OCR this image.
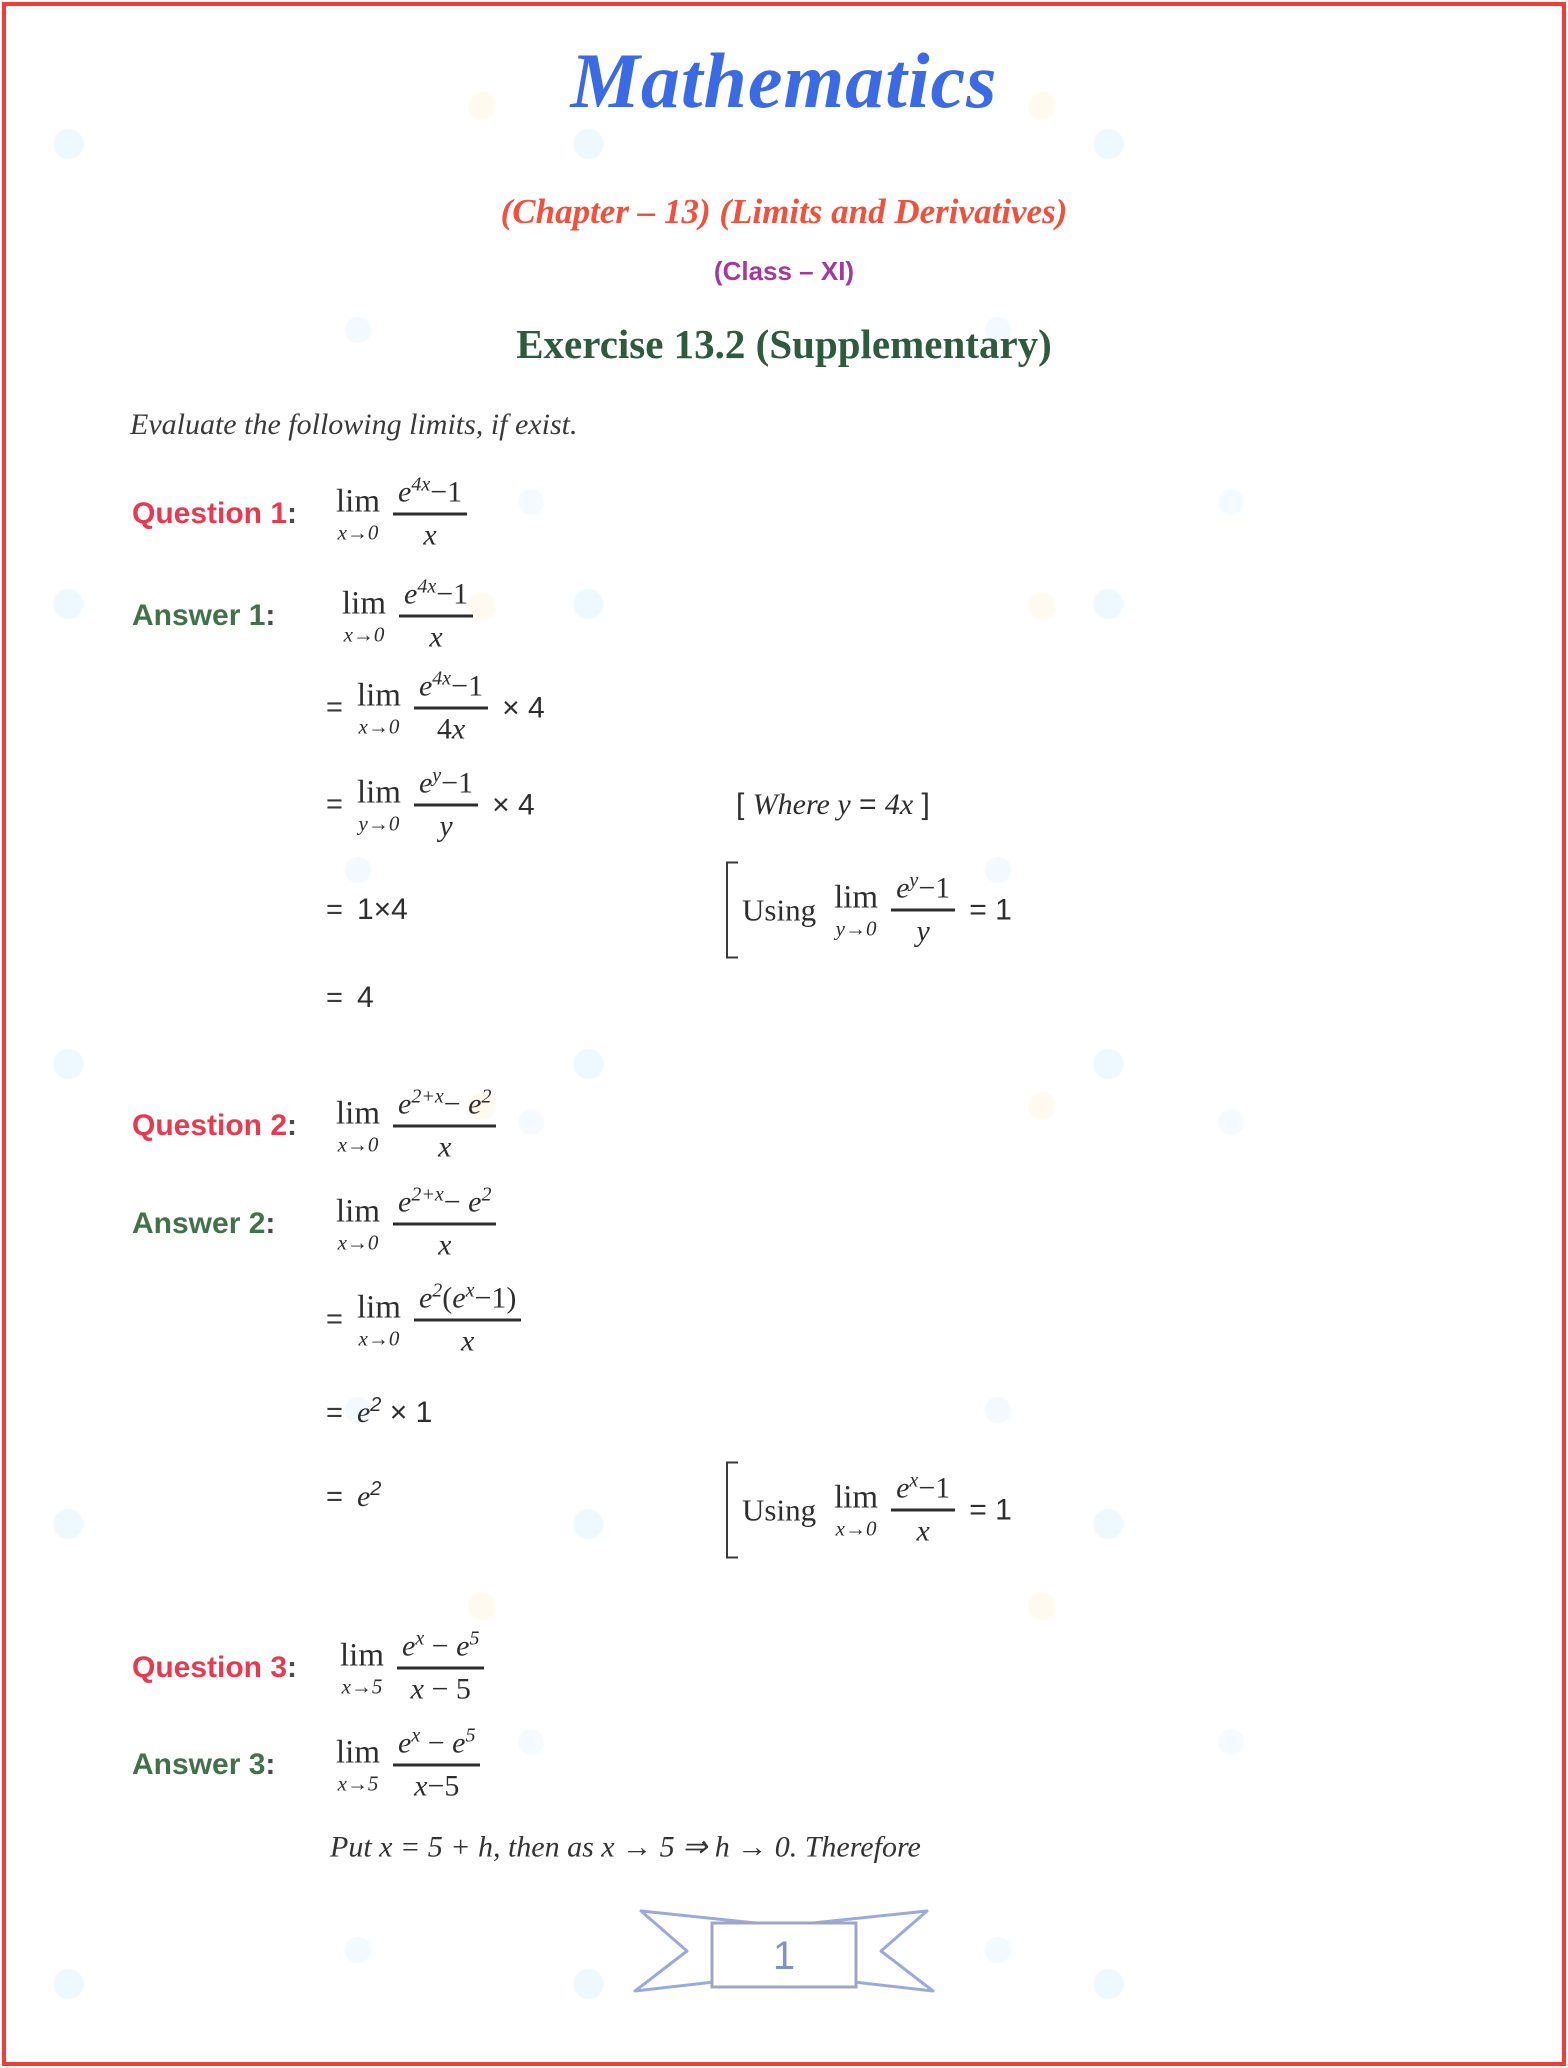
Mathematics
(Chapter – 13) (Limits and Derivatives)
(Class – XI)
Exercise 13.2 (Supplementary)
Evaluate the following limits, if exist.
Question 1: lim
$x\to 0 \frac{e^{4x}-1}{x}$
Answer 1: lim
$x\to 0 \frac{e^{4x}-1}{x}$
= lim
$x\to 0 \frac{e^{4x}-1}{4x} \times 4$
= lim
$y\to 0 \frac{e^y-1}{y} \times 4$	[ Where y = 4x ]
= 1×4	Using lim
$y\to 0 \frac{e^y-1}{y} = 1$
= 4
Question 2: lim
$x\to 0 \frac{e^{2+x}- e^2}{x}$
Answer 2: lim
$x\to 0 \frac{e^{2+x}- e^2}{x}$
= lim
$x\to 0 \frac{e^2(e^x-1)}{x}$
= $e^2 \times 1$
Using lim
$x\to 0 \frac{e^x-1}{x} = 1$
= $e^2$
Question 3: lim
$x\to 5 \frac{e^x - e^5}{x - 5}$
Answer 3: lim
$x\to 5 \frac{e^x - e^5}{x-5}$
Put x = 5 + h, then as x → 5 ⇒ h → 0. Therefore
1
